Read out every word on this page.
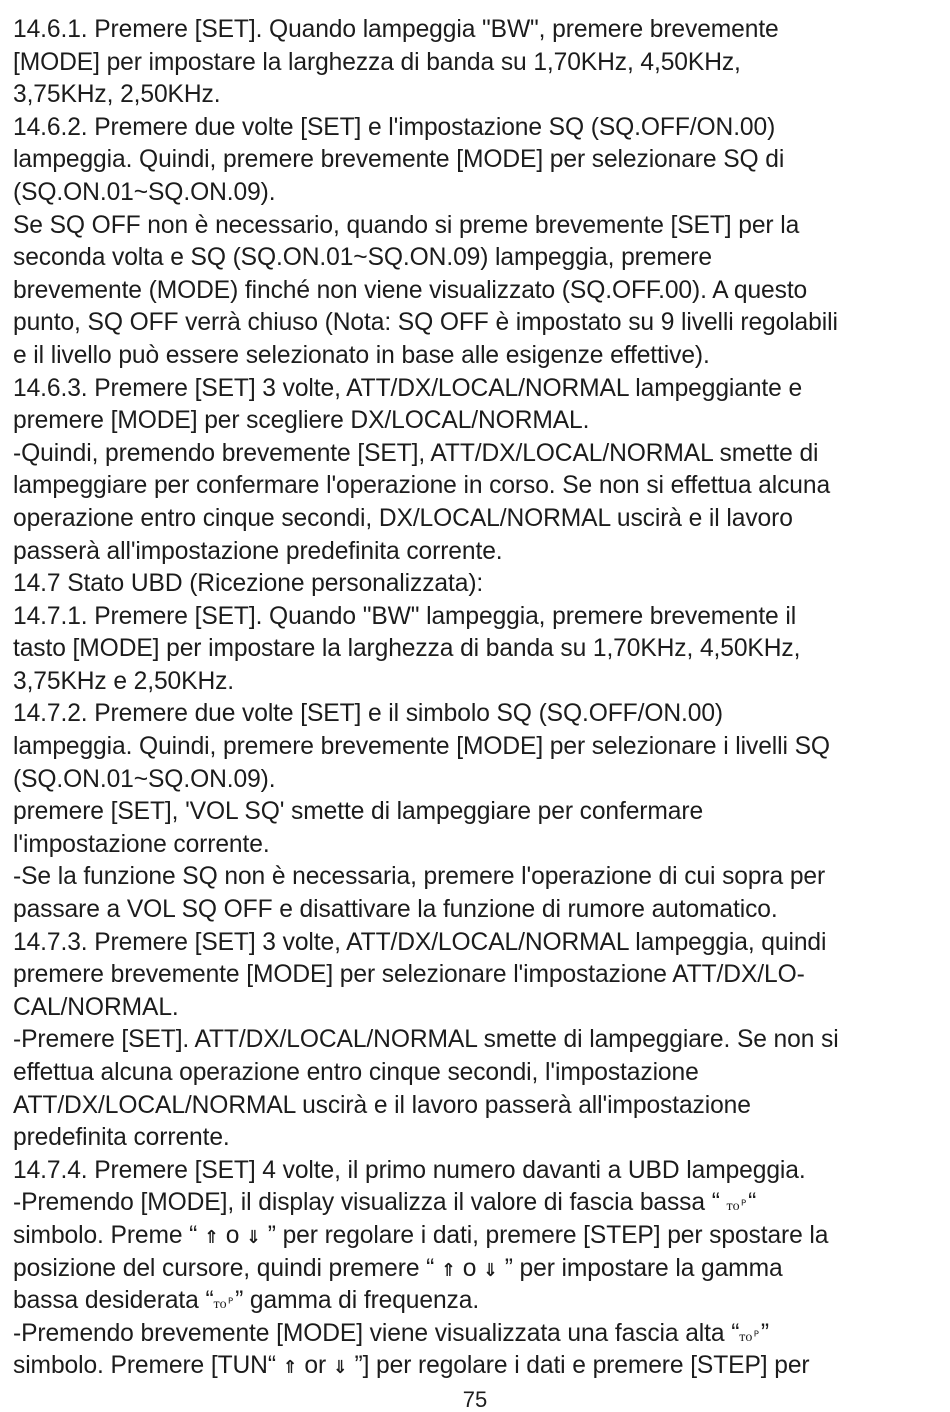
14.6.1. Premere [SET]. Quando lampeggia "BW", premere brevemente
[MODE] per impostare la larghezza di banda su 1,70KHz, 4,50KHz,
3,75KHz, 2,50KHz.
14.6.2. Premere due volte [SET] e l'impostazione SQ (SQ.OFF/ON.00)
lampeggia. Quindi, premere brevemente [MODE] per selezionare SQ di
(SQ.ON.01~SQ.ON.09).
Se SQ OFF non è necessario, quando si preme brevemente [SET] per la
seconda volta e SQ (SQ.ON.01~SQ.ON.09) lampeggia, premere
brevemente (MODE) finché non viene visualizzato (SQ.OFF.00). A questo
punto, SQ OFF verrà chiuso (Nota: SQ OFF è impostato su 9 livelli regolabili
e il livello può essere selezionato in base alle esigenze effettive).
14.6.3. Premere [SET] 3 volte, ATT/DX/LOCAL/NORMAL lampeggiante e
premere [MODE] per scegliere DX/LOCAL/NORMAL.
-Quindi, premendo brevemente [SET], ATT/DX/LOCAL/NORMAL smette di
lampeggiare per confermare l'operazione in corso. Se non si effettua alcuna
operazione entro cinque secondi, DX/LOCAL/NORMAL uscirà e il lavoro
passerà all'impostazione predefinita corrente.
14.7 Stato UBD (Ricezione personalizzata):
14.7.1. Premere [SET]. Quando "BW" lampeggia, premere brevemente il
tasto [MODE] per impostare la larghezza di banda su 1,70KHz, 4,50KHz,
3,75KHz e 2,50KHz.
14.7.2. Premere due volte [SET] e il simbolo SQ (SQ.OFF/ON.00)
lampeggia. Quindi, premere brevemente [MODE] per selezionare i livelli SQ
(SQ.ON.01~SQ.ON.09).
premere [SET], 'VOL SQ' smette di lampeggiare per confermare
l'impostazione corrente.
-Se la funzione SQ non è necessaria, premere l'operazione di cui sopra per
passare a VOL SQ OFF e disattivare la funzione di rumore automatico.
14.7.3. Premere [SET] 3 volte, ATT/DX/LOCAL/NORMAL lampeggia, quindi
premere brevemente [MODE] per selezionare l'impostazione ATT/DX/LO-
CAL/NORMAL.
-Premere [SET]. ATT/DX/LOCAL/NORMAL smette di lampeggiare. Se non si
effettua alcuna operazione entro cinque secondi, l'impostazione
ATT/DX/LOCAL/NORMAL uscirà e il lavoro passerà all'impostazione
predefinita corrente.
14.7.4. Premere [SET] 4 volte, il primo numero davanti a UBD lampeggia.
-Premendo [MODE], il display visualizza il valore di fascia bassa “ ᴛᴏᴾ“
simbolo. Preme “ ⇑ o ⇓ ” per regolare i dati, premere [STEP] per spostare la
posizione del cursore, quindi premere “ ⇑ o ⇓ ” per impostare la gamma
bassa desiderata “ᴛᴏᴾ” gamma di frequenza.
-Premendo brevemente [MODE] viene visualizzata una fascia alta “ᴛᴏᴾ”
simbolo. Premere [TUN“ ⇑ or ⇓ ”] per regolare i dati e premere [STEP] per
75
